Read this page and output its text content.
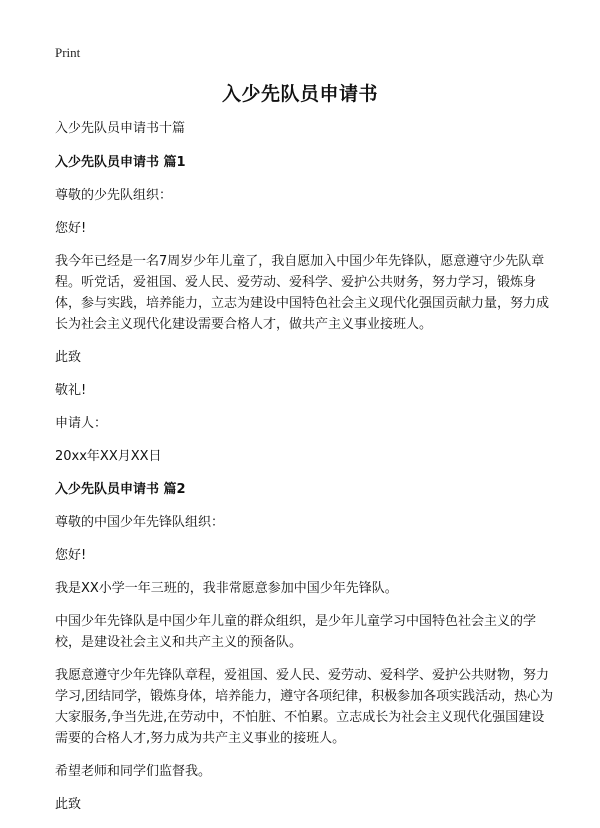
Print
入少先队员申请书

入少先队员申请书十篇

入少先队员申请书 篇1

尊敬的少先队组织：

您好!

我今年已经是一名7周岁少年儿童了，我自愿加入中国少年先锋队，愿意遵守少先队章程。听党话，爱祖国、爱人民、爱劳动、爱科学、爱护公共财务，努力学习，锻炼身体，参与实践，培养能力，立志为建设中国特色社会主义现代化强国贡献力量，努力成长为社会主义现代化建设需要合格人才，做共产主义事业接班人。

此致

敬礼!

申请人：

20xx年XX月XX日

入少先队员申请书 篇2

尊敬的中国少年先锋队组织：

您好!

我是XX小学一年三班的，我非常愿意参加中国少年先锋队。

中国少年先锋队是中国少年儿童的群众组织，是少年儿童学习中国特色社会主义的学校，是建设社会主义和共产主义的预备队。

我愿意遵守少年先锋队章程，爱祖国、爱人民、爱劳动、爱科学、爱护公共财物，努力学习,团结同学，锻炼身体，培养能力，遵守各项纪律，积极参加各项实践活动，热心为大家服务,争当先进,在劳动中，不怕脏、不怕累。立志成长为社会主义现代化强国建设需要的合格人才,努力成为共产主义事业的接班人。

希望老师和同学们监督我。

此致
